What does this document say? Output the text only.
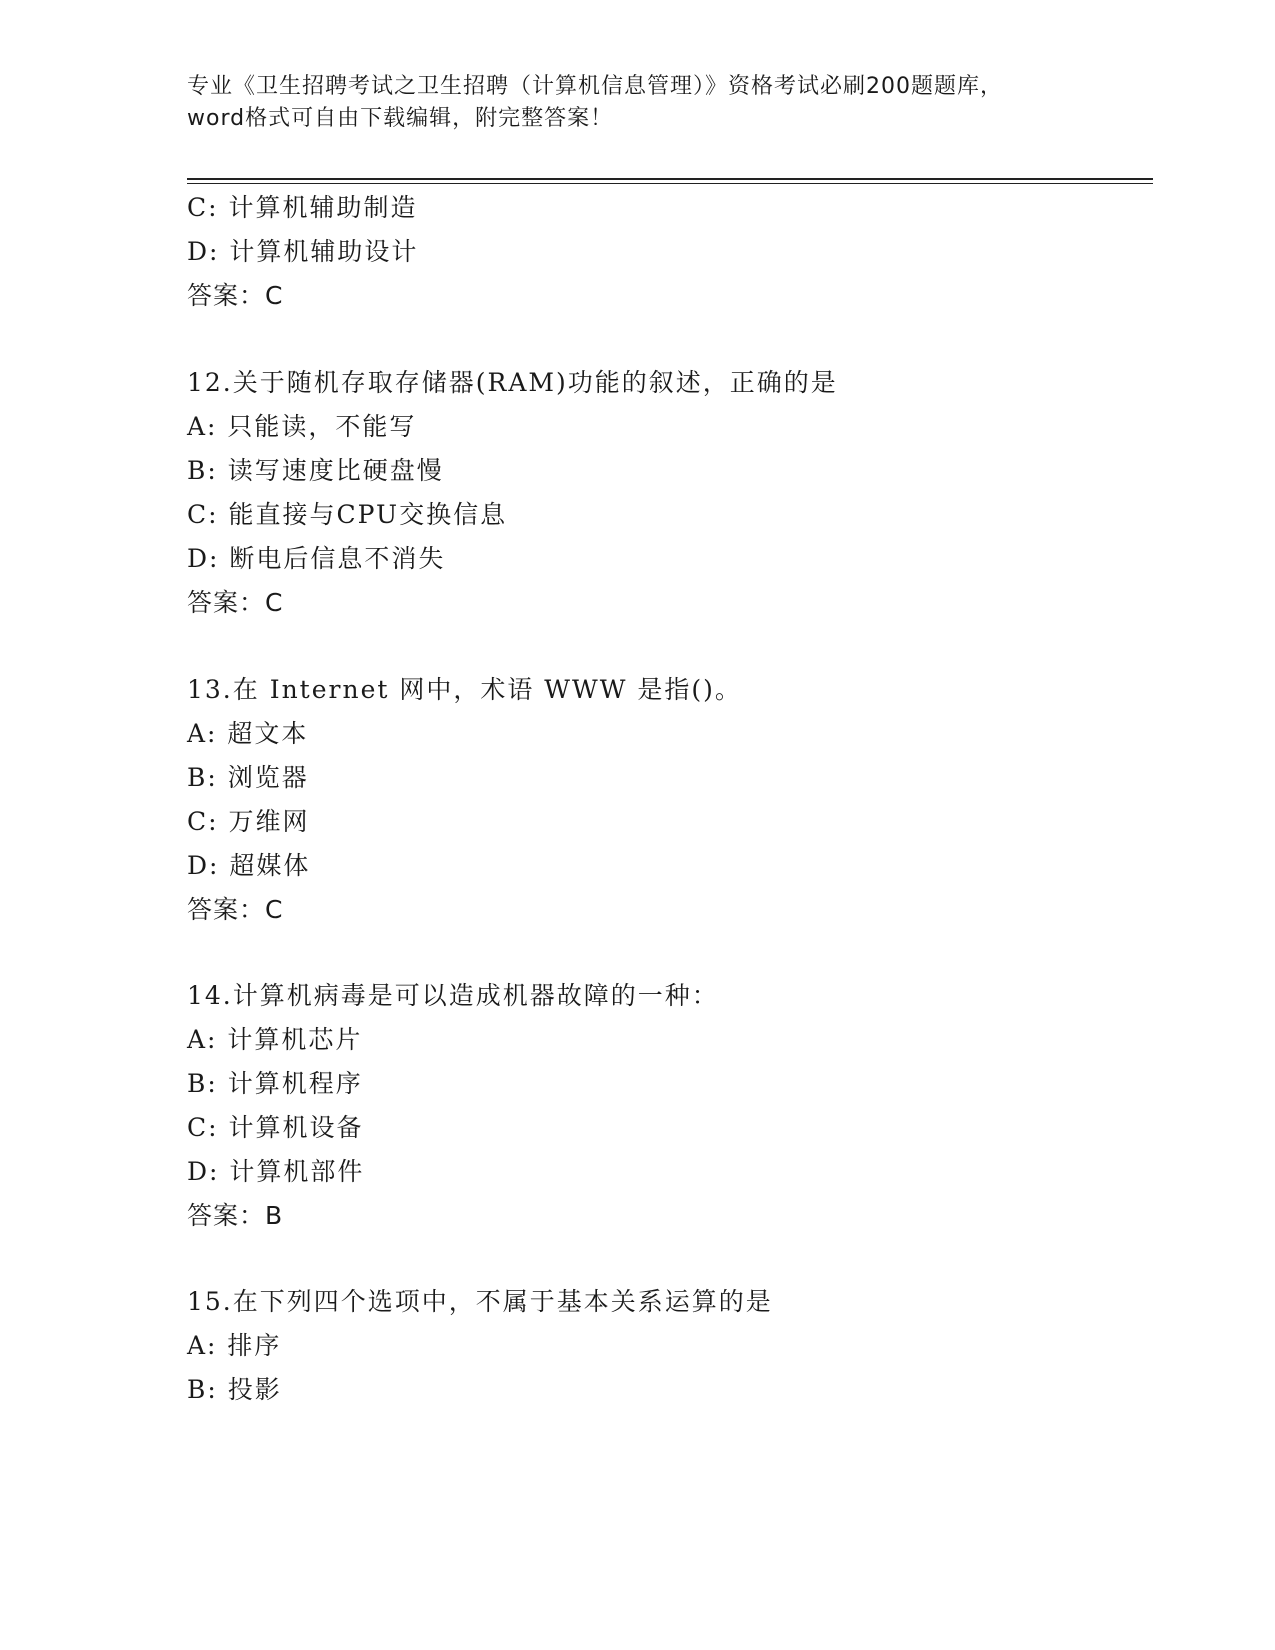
专业《卫生招聘考试之卫生招聘（计算机信息管理）》资格考试必刷200题题库，
word格式可自由下载编辑，附完整答案！
C: 计算机辅助制造
D: 计算机辅助设计
答案：C
12.关于随机存取存储器(RAM)功能的叙述，正确的是
A: 只能读，不能写
B: 读写速度比硬盘慢
C: 能直接与CPU交换信息
D: 断电后信息不消失
答案：C
13.在 Internet 网中，术语 WWW 是指()。
A: 超文本
B: 浏览器
C: 万维网
D: 超媒体
答案：C
14.计算机病毒是可以造成机器故障的一种：
A: 计算机芯片
B: 计算机程序
C: 计算机设备
D: 计算机部件
答案：B
15.在下列四个选项中，不属于基本关系运算的是
A: 排序
B: 投影
